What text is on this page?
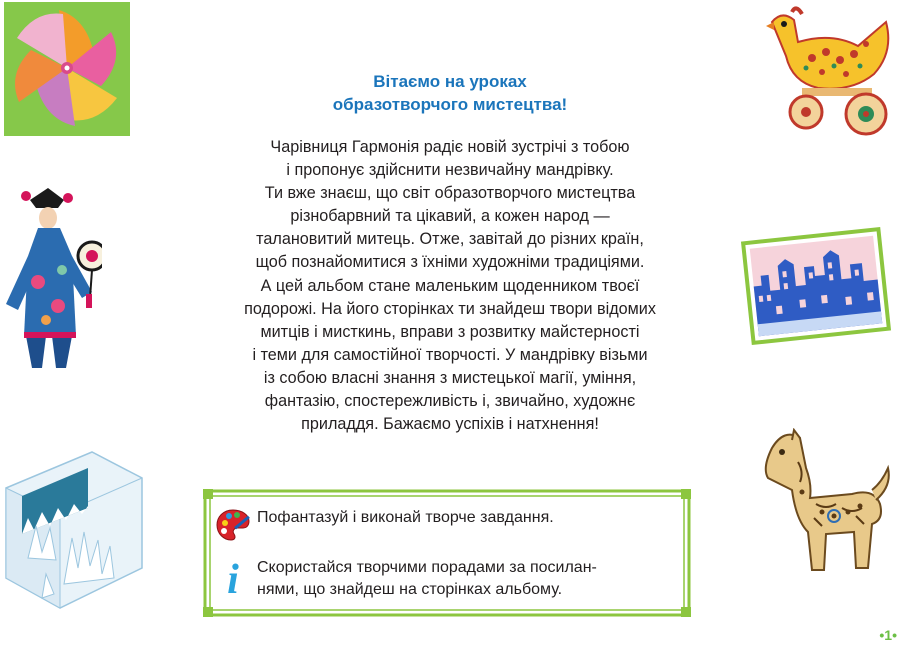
Вітаємо на уроках
образотворчого мистецтва!
Чарівниця Гармонія радіє новій зустрічі з тобою
і пропонує здійснити незвичайну мандрівку.
Ти вже знаєш, що світ образотворчого мистецтва
різнобарвний та цікавий, а кожен народ —
талановитий митець. Отже, завітай до різних країн,
щоб познайомитися з їхніми художніми традиціями.
А цей альбом стане маленьким щоденником твоєї
подорожі. На його сторінках ти знайдеш твори відомих
митців і мисткинь, вправи з розвитку майстерності
і теми для самостійної творчості. У мандрівку візьми
із собою власні знання з мистецької магії, уміння,
фантазію, спостережливість і, звичайно, художнє
приладдя. Бажаємо успіхів і натхнення!
Пофантазуй і виконай творче завдання.
i Скористайся творчими порадами за посилан-
нями, що знайдеш на сторінках альбому.
•1•
